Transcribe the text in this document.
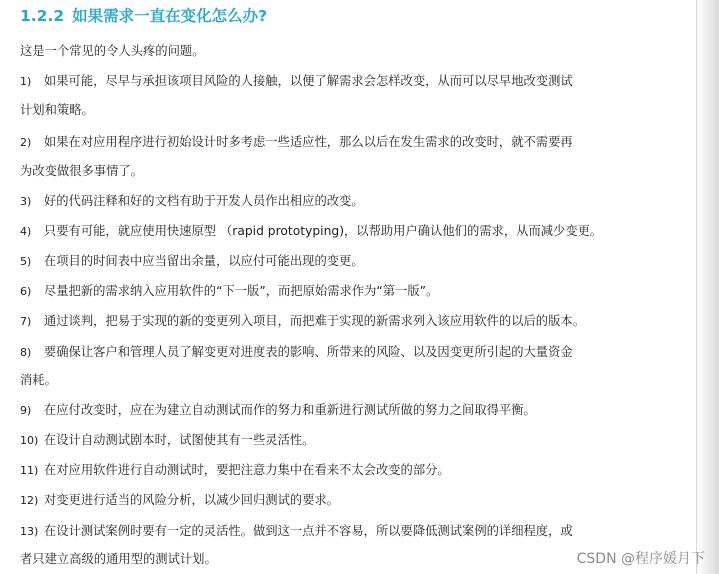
1.2.2 如果需求一直在变化怎么办?
这是一个常见的令人头疼的问题。
1) 如果可能，尽早与承担该项目风险的人接触，以便了解需求会怎样改变，从而可以尽早地改变测试
计划和策略。
2) 如果在对应用程序进行初始设计时多考虑一些适应性，那么以后在发生需求的改变时，就不需要再
为改变做很多事情了。
3) 好的代码注释和好的文档有助于开发人员作出相应的改变。
4) 只要有可能，就应使用快速原型 （rapid prototyping)，以帮助用户确认他们的需求，从而减少变更。
5) 在项目的时间表中应当留出余量，以应付可能出现的变更。
6) 尽量把新的需求纳入应用软件的“下一版”，而把原始需求作为“第一版”。
7) 通过谈判，把易于实现的新的变更列入项目，而把难于实现的新需求列入该应用软件的以后的版本。
8) 要确保让客户和管理人员了解变更对进度表的影响、所带来的风险、以及因变更所引起的大量资金
消耗。
9) 在应付改变时，应在为建立自动测试而作的努力和重新进行测试所做的努力之间取得平衡。
10) 在设计自动测试剧本时，试图使其有一些灵活性。
11) 在对应用软件进行自动测试时，要把注意力集中在看来不太会改变的部分。
12) 对变更进行适当的风险分析，以减少回归测试的要求。
13) 在设计测试案例时要有一定的灵活性。做到这一点并不容易，所以要降低测试案例的详细程度，或
者只建立高级的通用型的测试计划。	CSDN @程序媛月下
